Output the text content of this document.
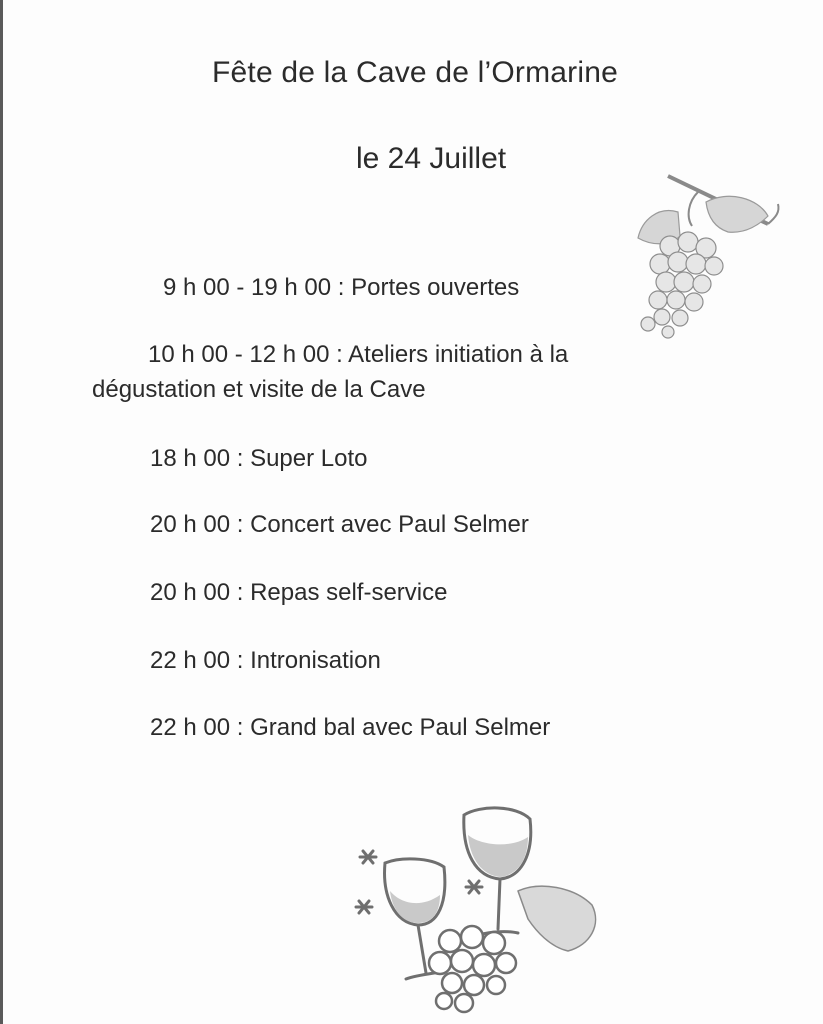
Fête de la Cave de l’Ormarine
le 24 Juillet
9 h 00 - 19 h 00 : Portes ouvertes
10 h 00 - 12 h 00 : Ateliers initiation à la
dégustation et visite de la Cave
18 h 00 : Super Loto
20 h 00 : Concert avec Paul Selmer
20 h 00 : Repas self-service
22 h 00 : Intronisation
22 h 00 : Grand bal avec Paul Selmer
